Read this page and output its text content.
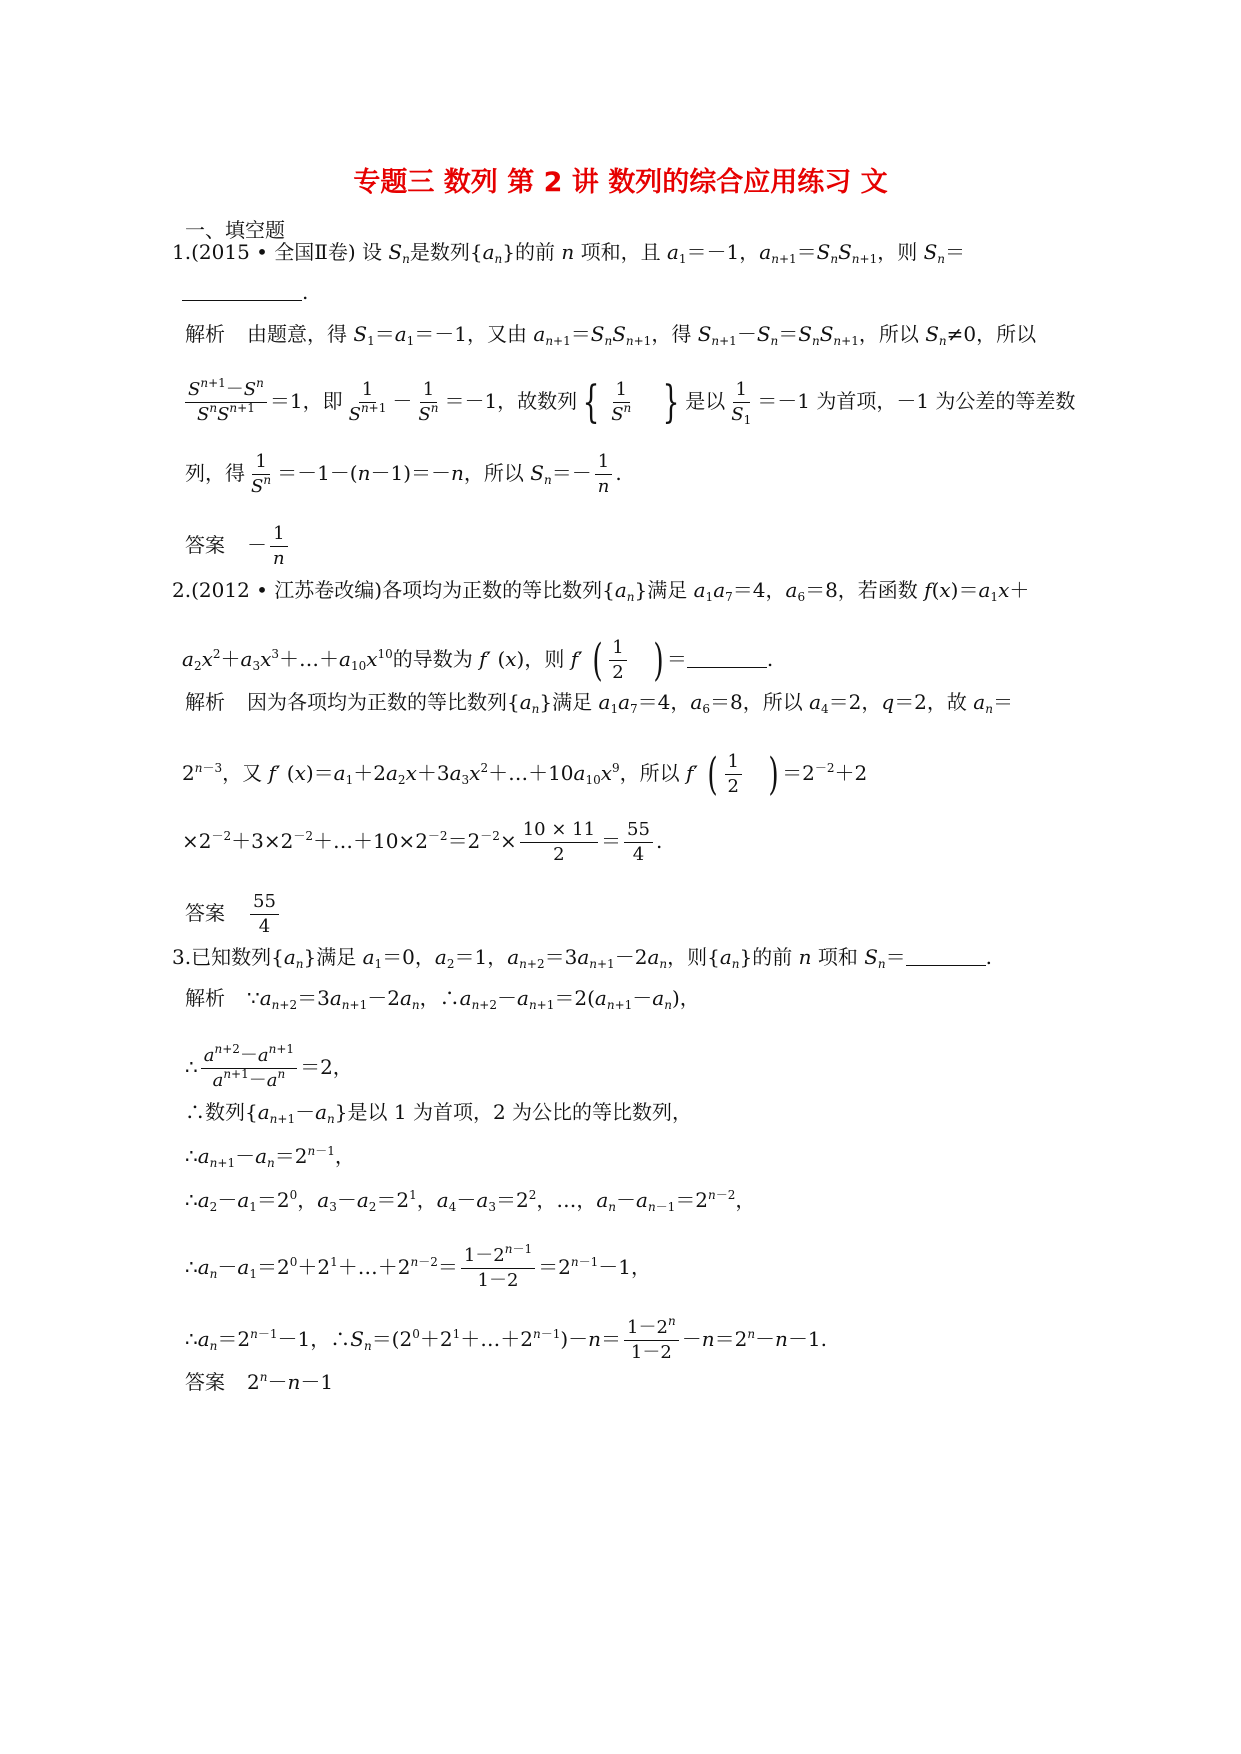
专题三 数列 第 2 讲 数列的综合应用练习 文
一、填空题
1.(2015 • 全国Ⅱ卷) 设 $S_n$是数列$\{a_n\}$的前 n 项和，且 $a_1=-1$，$a_{n+1}=S_nS_{n+1}$，则 $S_n=$
.
解析 由题意，得 $S_1=a_1=-1$，又由 $a_{n+1}=S_nS_{n+1}$，得 $S_{n+1}-S_n=S_nS_{n+1}$，所以 $S_n\ne 0$，所以
$\frac{S^{n+1}-S^n}{S^nS^{n+1}} =1$，即 $\frac{1}{S^{n+1}} - \frac{1}{S^n} =-1$，故数列 { $\frac{1}{S^n}$ } 是以 $\frac{1}{S_1} =-1$ 为首项，－1 为公差的等差数
列，得 $\frac{1}{S^n} =-1-(n-1)=-n$，所以 $S_n=- \frac{1}{n}$ .
答案 － $\frac{1}{n}$
2.(2012 • 江苏卷改编)各项均为正数的等比数列$\{a_n\}$满足 $a_1a_7=4$，$a_6=8$，若函数 $f(x)=a_1x+$
$a_2x^2+a_3x^3+\dots+a_{10}x^{10}$的导数为 f′ (x)，则 f′ ( $\frac{1}{2}$ ) ＝	.
解析 因为各项均为正数的等比数列$\{a_n\}$满足 $a_1a_7=4$，$a_6=8$，所以 $a_4=2$，q＝2，故 $a_n=$
$2^{n-3}$，又 f′ $(x)=a_1+2a_2x+3a_3x^2+\dots+10a_{10}x^9$，所以 f′ ( $\frac{1}{2}$ ) $=2^{-2}+2$
$\times 2^{-2}+3\times 2^{-2}+\dots+10\times 2^{-2}=2^{-2}\times \frac{10 \times 11}{2} = \frac{55}{4}$ .
答案 $\frac{55}{4}$
3.已知数列$\{a_n\}$满足 $a_1=0$，$a_2=1$，$a_{n+2}=3a_{n+1}-2a_n$，则$\{a_n\}$的前 n 项和 $S_n=$	.
解析 $\because a_{n+2}=3a_{n+1}-2a_n$，$\therefore a_{n+2}-a_{n+1}=2(a_{n+1}-a_n)$，
∴ $\frac{a^{n+2}-a^{n+1}}{a^{n+1}-a^n} =2$，
∴数列$\{a_{n+1}-a_n\}$是以 1 为首项，2 为公比的等比数列，
$\therefore a_{n+1}-a_n=2^{n-1}$，
$\therefore a_2-a_1=2^0$，$a_3-a_2=2^1$，$a_4-a_3=2^2$，…，$a_n-a_{n-1}=2^{n-2}$，
$\therefore a_n-a_1=2^0+2^1+\dots+2^{n-2}= \frac{1-2^{n-1}}{1-2} =2^{n-1}-1$，
$\therefore a_n=2^{n-1}-1$，$\therefore S_n=(2^0+2^1+\dots+2^{n-1})-n= \frac{1-2^n}{1-2} -n=2^n-n-1$.
答案 $2^n-n-1$
